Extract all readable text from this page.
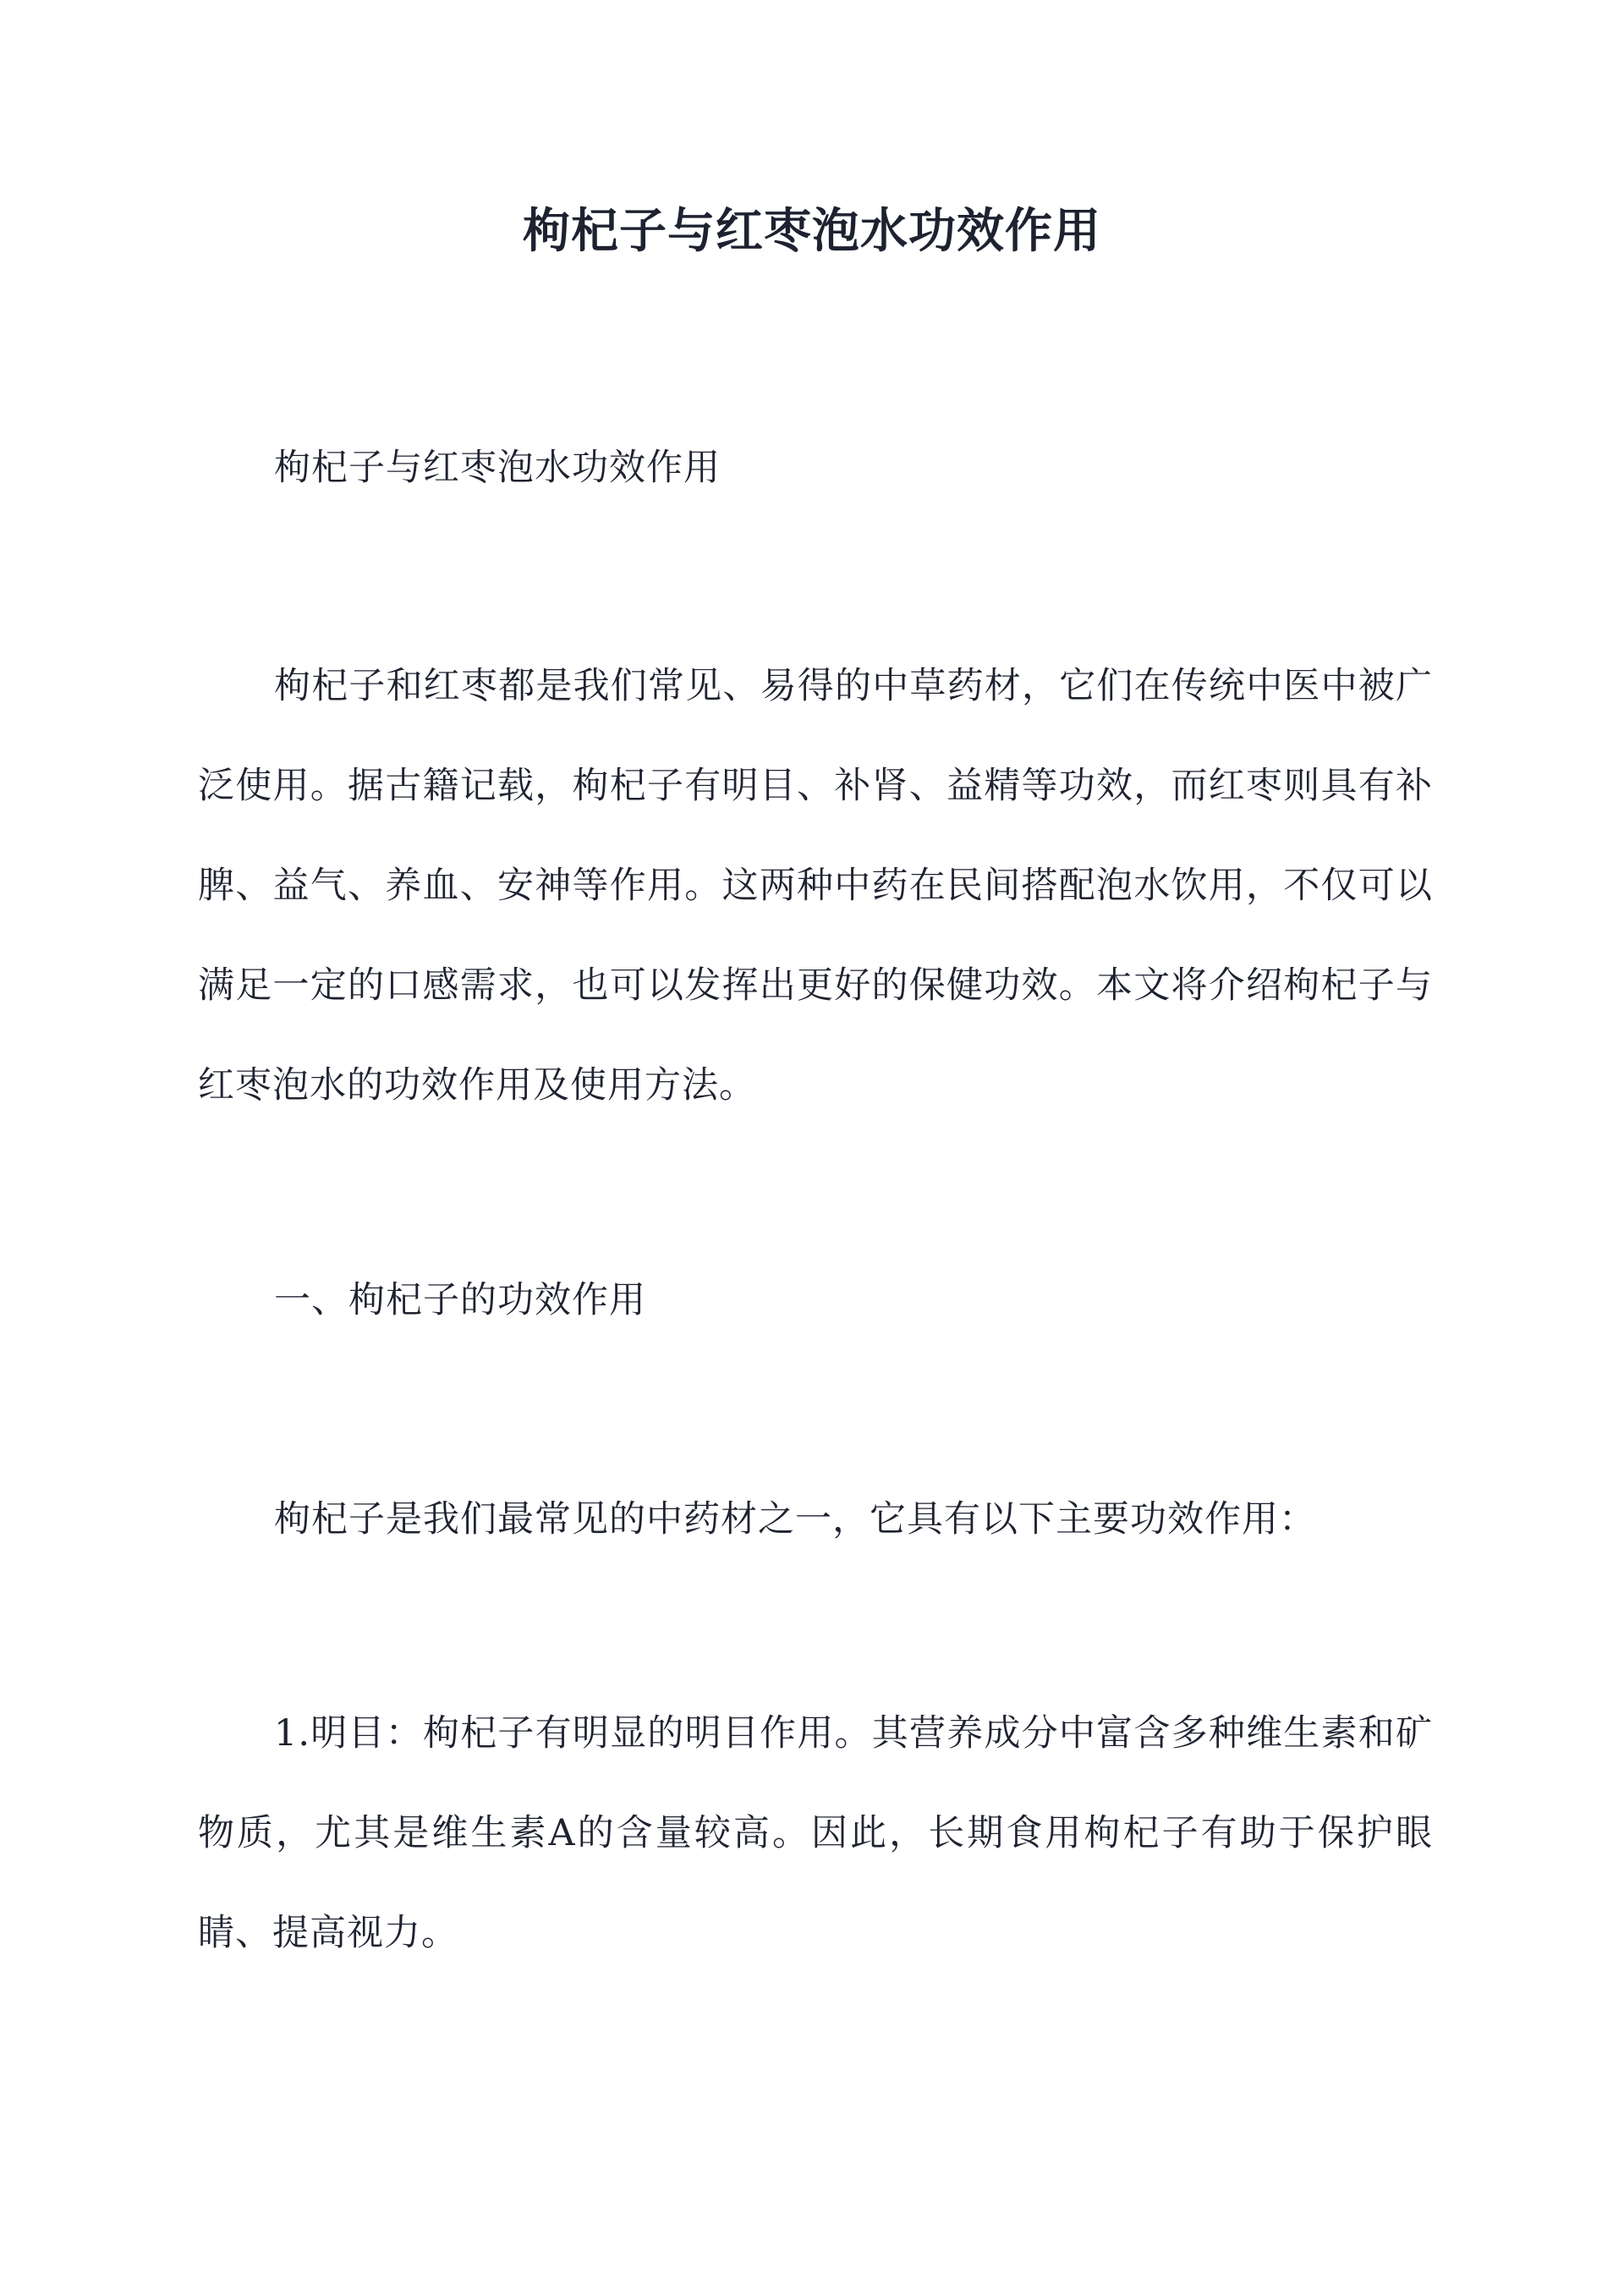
枸杞子与红枣泡水功效作用

枸杞子与红枣泡水功效作用

枸杞子和红枣都是我们常见、易得的中草药材，它们在传统中医中被广泛使用。据古籍记载，枸杞子有明目、补肾、益精等功效，而红枣则具有补脾、益气、养血、安神等作用。这两种中药在民间搭配泡水饮用，不仅可以满足一定的口感需求，也可以发挥出更好的保健功效。本文将介绍枸杞子与红枣泡水的功效作用及使用方法。

一、枸杞子的功效作用

枸杞子是我们最常见的中药材之一，它具有以下主要功效作用：

1.明目：枸杞子有明显的明目作用。其营养成分中富含多种维生素和矿物质，尤其是维生素A的含量较高。因此，长期食用枸杞子有助于保护眼睛、提高视力。
